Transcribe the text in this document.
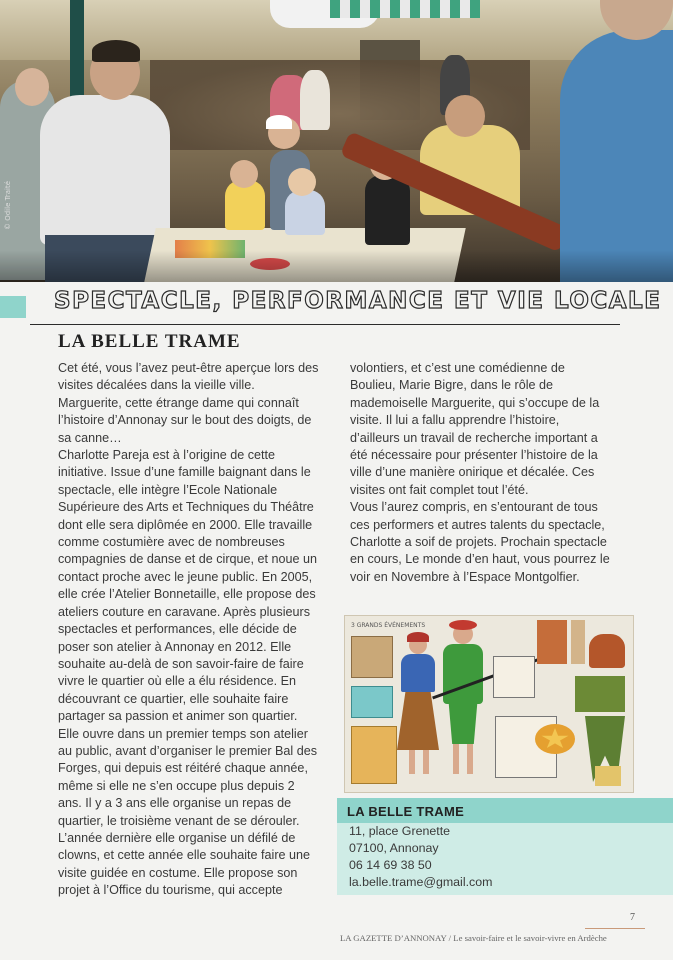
© Odile Traité
SPECTACLE, PERFORMANCE ET VIE LOCALE
LA BELLE TRAME

Cet été, vous l’avez peut-être aperçue lors des visites décalées dans la vieille ville. Marguerite, cette étrange dame qui connaît l’histoire d’Annonay sur le bout des doigts, de sa canne…

Charlotte Pareja est à l’origine de cette initiative. Issue d’une famille baignant dans le spectacle, elle intègre l’Ecole Nationale Supérieure des Arts et Techniques du Théâtre dont elle sera diplômée en 2000. Elle travaille comme costumière avec de nombreuses compagnies de danse et de cirque, et noue un contact proche avec le jeune public. En 2005, elle crée l’Atelier Bonnetaille, elle propose des ateliers couture en caravane. Après plusieurs spectacles et performances, elle décide de poser son atelier à Annonay en 2012. Elle souhaite au-delà de son savoir-faire de faire vivre le quartier où elle a élu résidence. En découvrant ce quartier, elle souhaite faire partager sa passion et animer son quartier. Elle ouvre dans un premier temps son atelier au public, avant d’organiser le premier Bal des Forges, qui depuis est réitéré chaque année, même si elle ne s’en occupe plus depuis 2 ans. Il y a 3 ans elle organise un repas de quartier, le troisième venant de se dérouler. L’année dernière elle organise un défilé de clowns, et cette année elle souhaite faire une visite guidée en costume. Elle propose son projet à l’Office du tourisme, qui accepte

volontiers, et c’est une comédienne de Boulieu, Marie Bigre, dans le rôle de mademoiselle Marguerite, qui s’occupe de la visite. Il lui a fallu apprendre l’histoire, d’ailleurs un travail de recherche important a été nécessaire pour présenter l’histoire de la ville d’une manière onirique et décalée. Ces visites ont fait complet tout l’été.

Vous l’aurez compris, en s’entourant de tous ces performers et autres talents du spectacle, Charlotte a soif de projets. Prochain spectacle en cours, Le monde d’en haut, vous pourrez le voir en Novembre à l’Espace Montgolfier.

3 GRANDS ÉVÉNEMENTS
LA BELLE TRAME
11, place Grenette
07100, Annonay
06 14 69 38 50
la.belle.trame@gmail.com
7
LA GAZETTE D’ANNONAY / Le savoir-faire et le savoir-vivre en Ardèche
